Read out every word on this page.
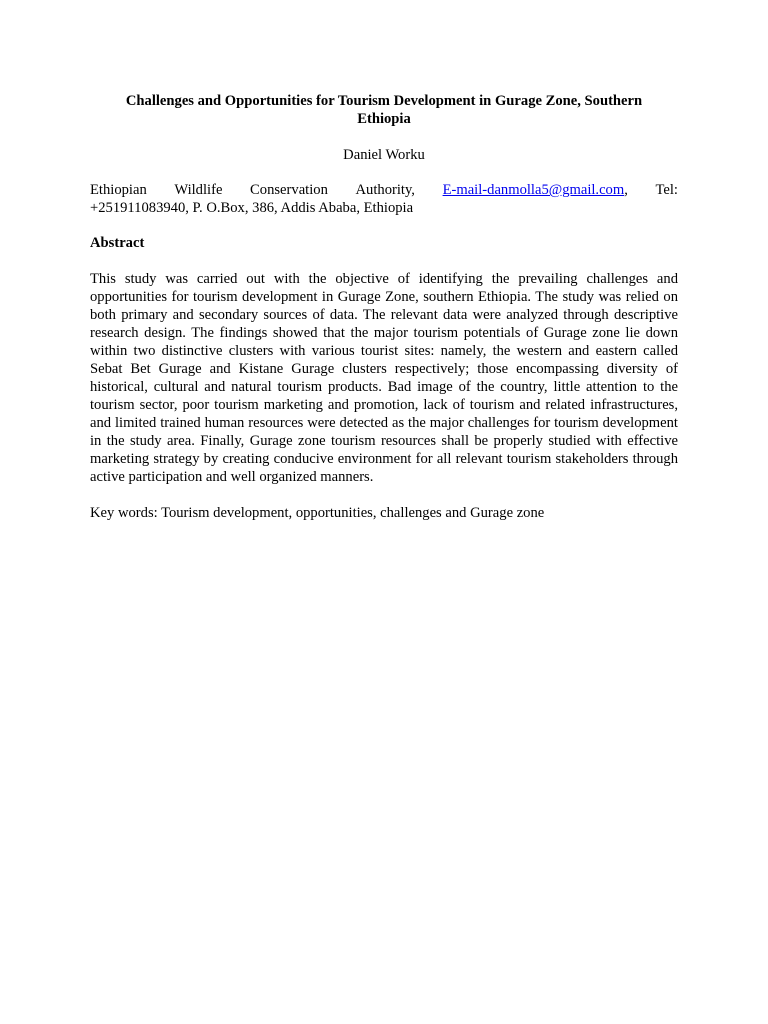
Challenges and Opportunities for Tourism Development in Gurage Zone, Southern Ethiopia

Daniel Worku

Ethiopian Wildlife Conservation Authority, E-mail-danmolla5@gmail.com, Tel:
+251911083940, P. O.Box, 386, Addis Ababa, Ethiopia

Abstract

This study was carried out with the objective of identifying the prevailing challenges and opportunities for tourism development in Gurage Zone, southern Ethiopia. The study was relied on both primary and secondary sources of data. The relevant data were analyzed through descriptive research design. The findings showed that the major tourism potentials of Gurage zone lie down within two distinctive clusters with various tourist sites: namely, the western and eastern called Sebat Bet Gurage and Kistane Gurage clusters respectively; those encompassing diversity of historical, cultural and natural tourism products. Bad image of the country, little attention to the tourism sector, poor tourism marketing and promotion, lack of tourism and related infrastructures, and limited trained human resources were detected as the major challenges for tourism development in the study area. Finally, Gurage zone tourism resources shall be properly studied with effective marketing strategy by creating conducive environment for all relevant tourism stakeholders through active participation and well organized manners.

Key words: Tourism development, opportunities, challenges and Gurage zone
